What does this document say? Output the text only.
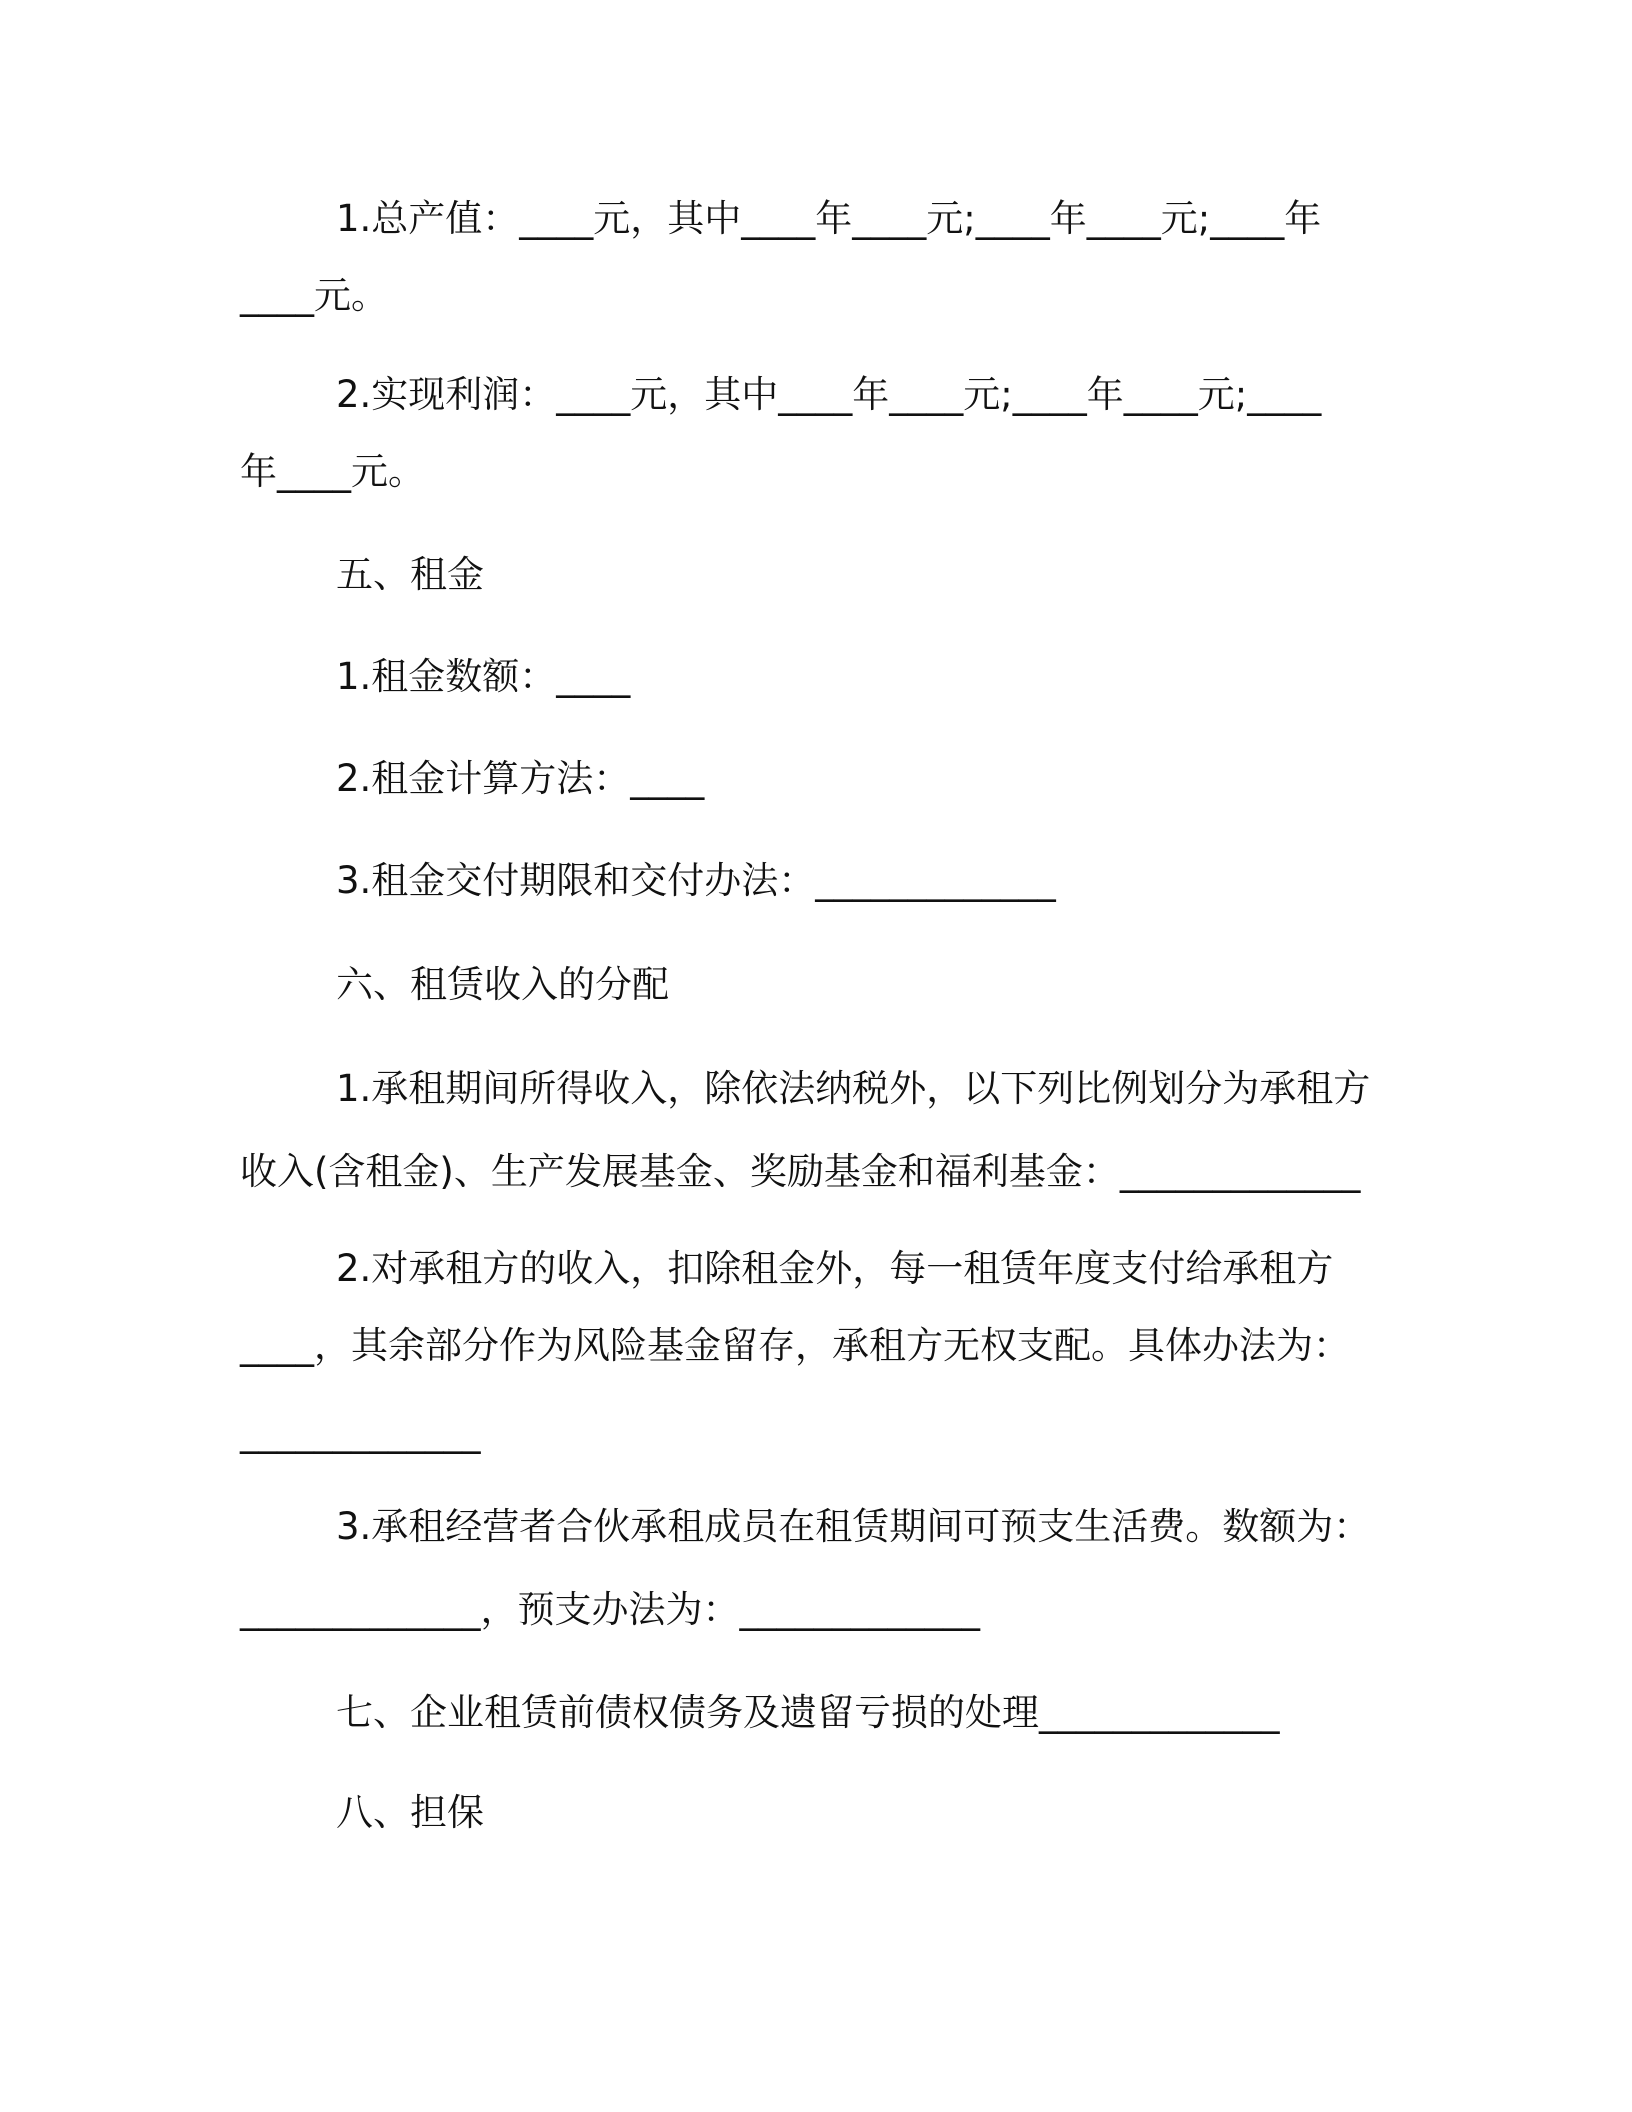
1.总产值：____元，其中____年____元;____年____元;____年
____元。
2.实现利润：____元，其中____年____元;____年____元;____
年____元。
五、租金
1.租金数额：____
2.租金计算方法：____
3.租金交付期限和交付办法：_____________
六、租赁收入的分配
1.承租期间所得收入，除依法纳税外，以下列比例划分为承租方
收入(含租金)、生产发展基金、奖励基金和福利基金：_____________
2.对承租方的收入，扣除租金外，每一租赁年度支付给承租方
____，其余部分作为风险基金留存，承租方无权支配。具体办法为：
_____________
3.承租经营者合伙承租成员在租赁期间可预支生活费。数额为：
_____________，预支办法为：_____________
七、企业租赁前债权债务及遗留亏损的处理_____________
八、担保
